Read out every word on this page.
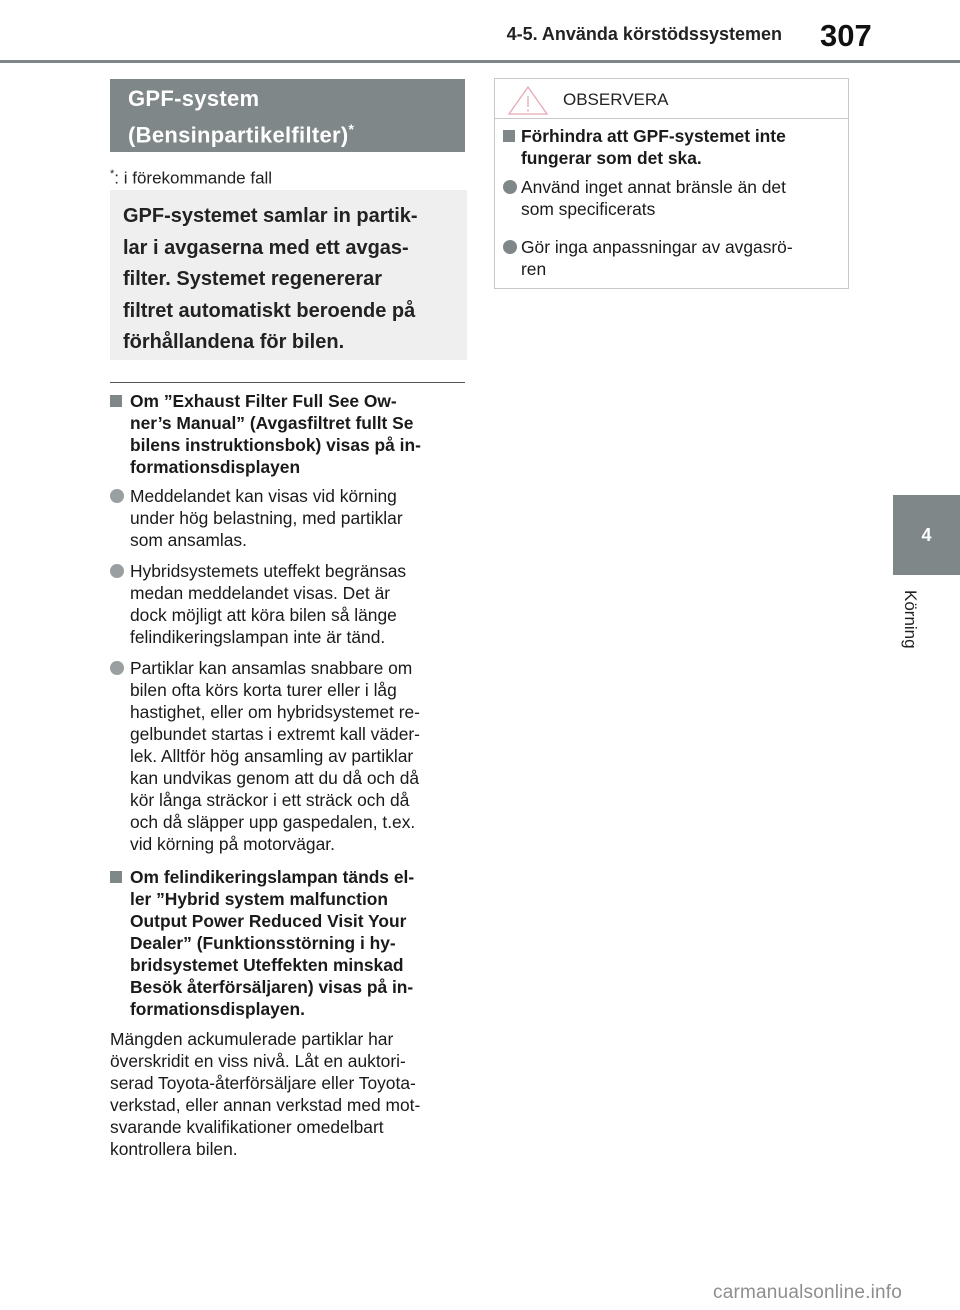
4-5. Använda körstödssystemen 307
4
Körning
GPF-system
(Bensinpartikelfilter)*
*: i förekommande fall
GPF-systemet samlar in partik-
lar i avgaserna med ett avgas-
filter. Systemet regenererar
filtret automatiskt beroende på
förhållandena för bilen.
Om ”Exhaust Filter Full See Ow-
ner’s Manual” (Avgasfiltret fullt Se
bilens instruktionsbok) visas på in-
formationsdisplayen
Meddelandet kan visas vid körning
under hög belastning, med partiklar
som ansamlas.
Hybridsystemets uteffekt begränsas
medan meddelandet visas. Det är
dock möjligt att köra bilen så länge
felindikeringslampan inte är tänd.
Partiklar kan ansamlas snabbare om
bilen ofta körs korta turer eller i låg
hastighet, eller om hybridsystemet re-
gelbundet startas i extremt kall väder-
lek. Alltför hög ansamling av partiklar
kan undvikas genom att du då och då
kör långa sträckor i ett sträck och då
och då släpper upp gaspedalen, t.ex.
vid körning på motorvägar.
Om felindikeringslampan tänds el-
ler ”Hybrid system malfunction
Output Power Reduced Visit Your
Dealer” (Funktionsstörning i hy-
bridsystemet Uteffekten minskad
Besök återförsäljaren) visas på in-
formationsdisplayen.
Mängden ackumulerade partiklar har
överskridit en viss nivå. Låt en auktori-
serad Toyota-återförsäljare eller Toyota-
verkstad, eller annan verkstad med mot-
svarande kvalifikationer omedelbart
kontrollera bilen.
OBSERVERA
Förhindra att GPF-systemet inte
fungerar som det ska.
Använd inget annat bränsle än det
som specificerats
Gör inga anpassningar av avgasrö-
ren
carmanualsonline.info
